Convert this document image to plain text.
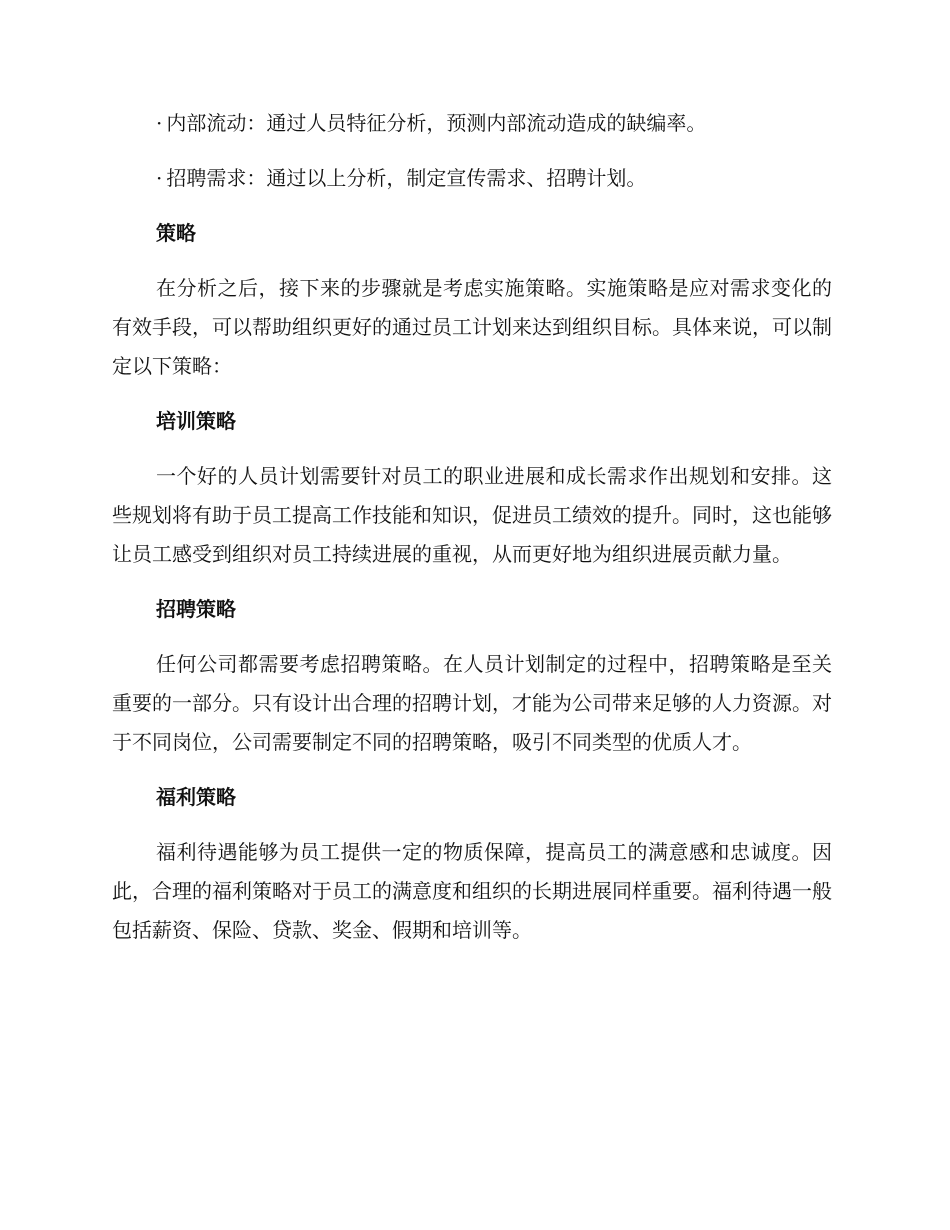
· 内部流动：通过人员特征分析，预测内部流动造成的缺编率。
· 招聘需求：通过以上分析，制定宣传需求、招聘计划。
策略
在分析之后，接下来的步骤就是考虑实施策略。实施策略是应对需求变化的有效手段，可以帮助组织更好的通过员工计划来达到组织目标。具体来说，可以制定以下策略：
培训策略
一个好的人员计划需要针对员工的职业进展和成长需求作出规划和安排。这些规划将有助于员工提高工作技能和知识，促进员工绩效的提升。同时，这也能够让员工感受到组织对员工持续进展的重视，从而更好地为组织进展贡献力量。
招聘策略
任何公司都需要考虑招聘策略。在人员计划制定的过程中，招聘策略是至关重要的一部分。只有设计出合理的招聘计划，才能为公司带来足够的人力资源。对于不同岗位，公司需要制定不同的招聘策略，吸引不同类型的优质人才。
福利策略
福利待遇能够为员工提供一定的物质保障，提高员工的满意感和忠诚度。因此，合理的福利策略对于员工的满意度和组织的长期进展同样重要。福利待遇一般包括薪资、保险、贷款、奖金、假期和培训等。
